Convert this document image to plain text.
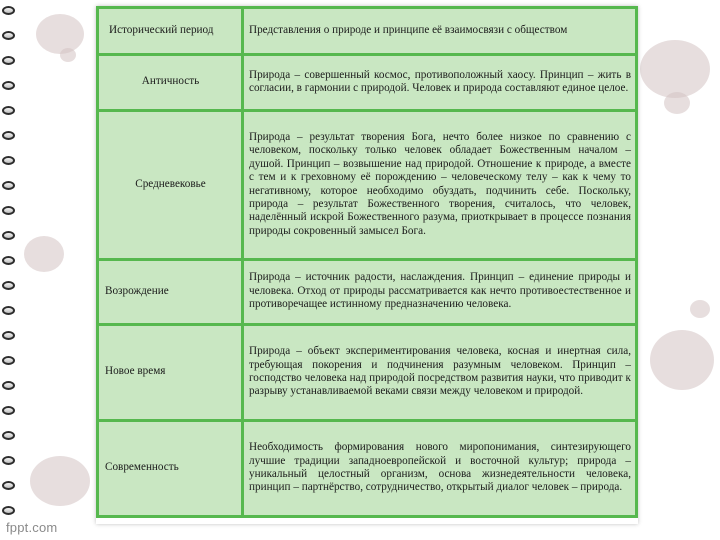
Исторический период	Представления о природе и принципе её взаимосвязи с обществом
Античность	Природа – совершенный космос, противоположный хаосу. Принцип – жить в согласии, в гармонии с природой. Человек и природа составляют единое целое.
Средневековье	Природа – результат творения Бога, нечто более низкое по сравнению с человеком, поскольку только человек обладает Божественным началом – душой. Принцип – возвышение над природой. Отношение к природе, а вместе с тем и к греховному её порождению – человеческому телу – как к чему то негативному, которое необходимо обуздать, подчинить себе. Поскольку, природа – результат Божественного творения, считалось, что человек, наделённый искрой Божественного разума, приоткрывает в процессе познания природы сокровенный замысел Бога.
Возрождение	Природа – источник радости, наслаждения. Принцип – единение природы и человека. Отход от природы рассматривается как нечто противоестественное и противоречащее истинному предназначению человека.
Новое время	Природа – объект экспериментирования человека, косная и инертная сила, требующая покорения и подчинения разумным человеком. Принцип – господство человека над природой посредством развития науки, что приводит к разрыву устанавливаемой веками связи между человеком и природой.
Современность	Необходимость формирования нового миропонимания, синтезирующего лучшие традиции западноевропейской и восточной культур; природа – уникальный целостный организм, основа жизнедеятельности человека, принцип – партнёрство, сотрудничество, открытый диалог человек – природа.
fppt.com
